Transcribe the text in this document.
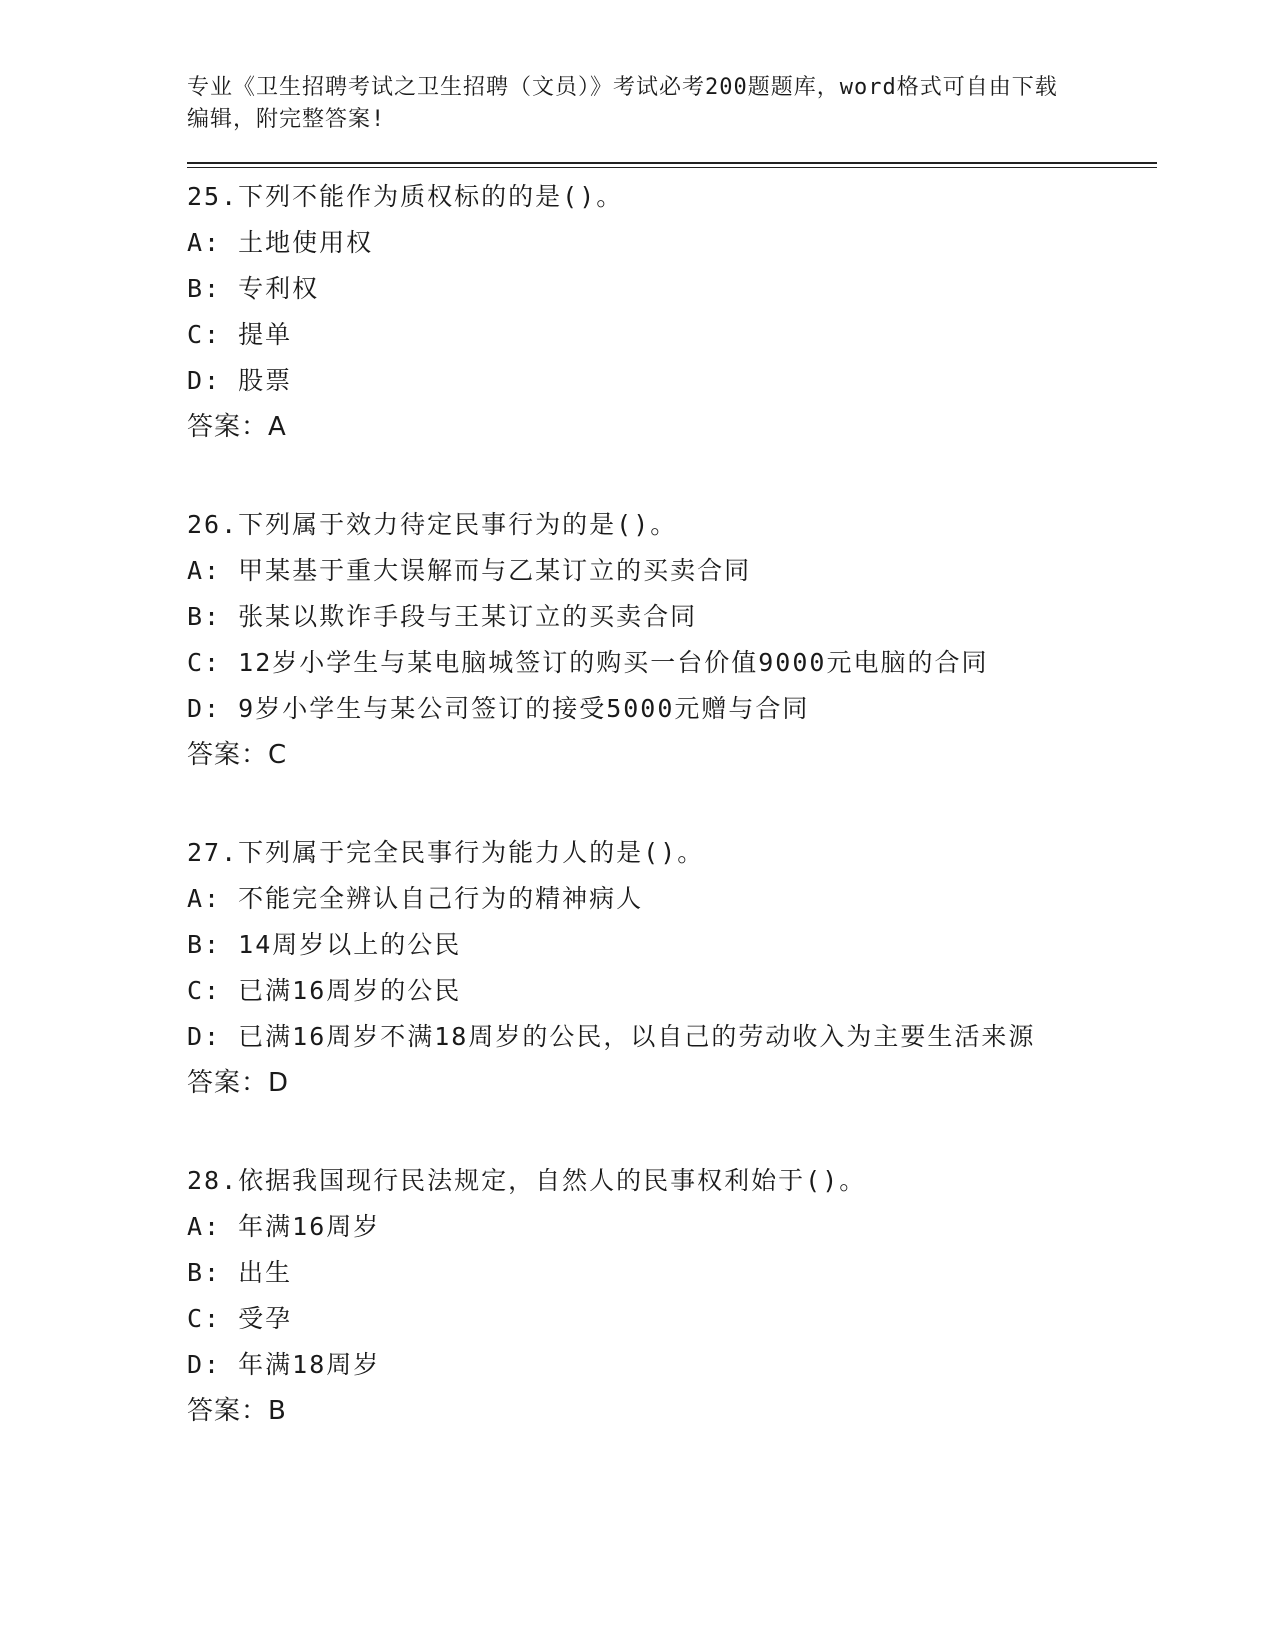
专业《卫生招聘考试之卫生招聘（文员）》考试必考200题题库，word格式可自由下载编辑，附完整答案!
25.下列不能作为质权标的的是()。
A: 土地使用权
B: 专利权
C: 提单
D: 股票
答案：A
26.下列属于效力待定民事行为的是()。
A: 甲某基于重大误解而与乙某订立的买卖合同
B: 张某以欺诈手段与王某订立的买卖合同
C: 12岁小学生与某电脑城签订的购买一台价值9000元电脑的合同
D: 9岁小学生与某公司签订的接受5000元赠与合同
答案：C
27.下列属于完全民事行为能力人的是()。
A: 不能完全辨认自己行为的精神病人
B: 14周岁以上的公民
C: 已满16周岁的公民
D: 已满16周岁不满18周岁的公民，以自己的劳动收入为主要生活来源
答案：D
28.依据我国现行民法规定，自然人的民事权利始于()。
A: 年满16周岁
B: 出生
C: 受孕
D: 年满18周岁
答案：B
